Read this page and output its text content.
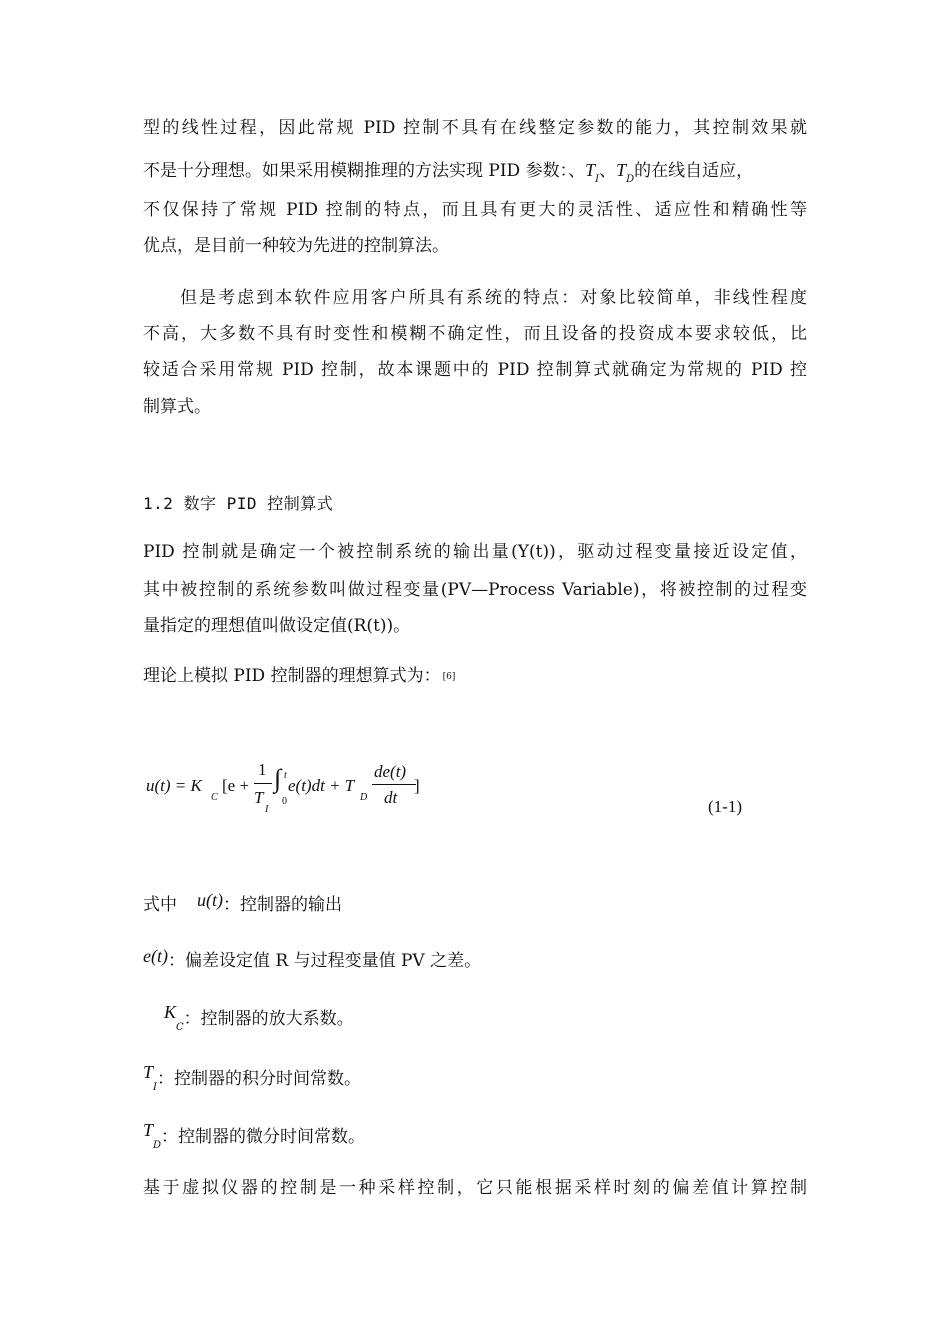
型的线性过程，因此常规 PID 控制不具有在线整定参数的能力，其控制效果就
不是十分理想。如果采用模糊推理的方法实现 PID 参数：、$T_I$、$T_D$的在线自适应，
不仅保持了常规 PID 控制的特点，而且具有更大的灵活性、适应性和精确性等
优点，是目前一种较为先进的控制算法。
但是考虑到本软件应用客户所具有系统的特点：对象比较简单，非线性程度
不高，大多数不具有时变性和模糊不确定性，而且设备的投资成本要求较低，比
较适合采用常规 PID 控制，故本课题中的 PID 控制算式就确定为常规的 PID 控
制算式。
1.2 数字 PID 控制算式
PID 控制就是确定一个被控制系统的输出量(Y(t))，驱动过程变量接近设定值，
其中被控制的系统参数叫做过程变量(PV—Process Variable)，将被控制的过程变
量指定的理想值叫做设定值(R(t))。
理论上模拟 PID 控制器的理想算式为： [6]
u(t) = K
C
[e +
1
T
I
∫ t
0
e(t)dt + T
D
de(t)
dt
]
(1-1)
式中 u(t)：控制器的输出
e(t)：偏差设定值 R 与过程变量值 PV 之差。
$K_C$：控制器的放大系数。
$T_I$：控制器的积分时间常数。
$T_D$：控制器的微分时间常数。
基于虚拟仪器的控制是一种采样控制，它只能根据采样时刻的偏差值计算控制
